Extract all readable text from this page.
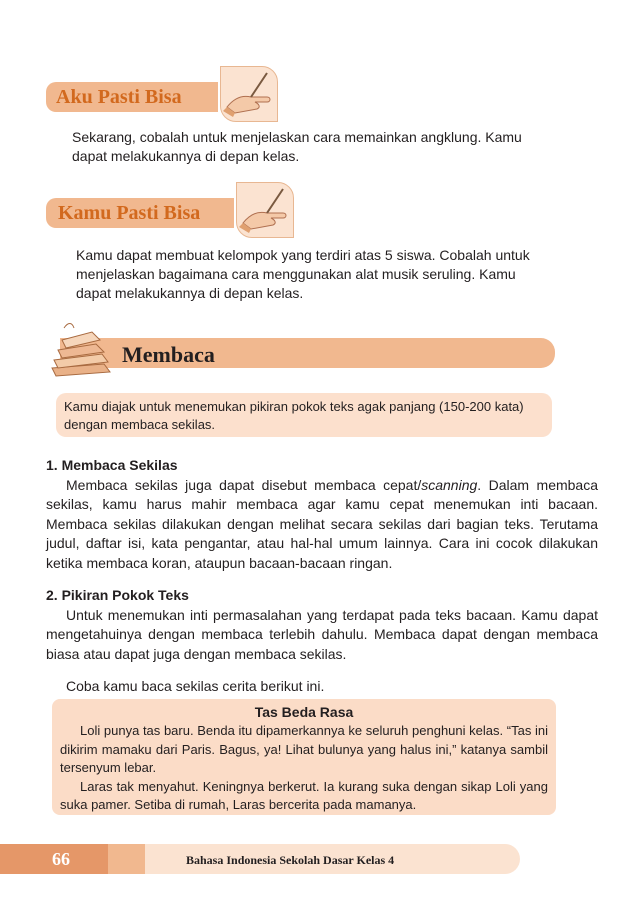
Aku Pasti Bisa
Sekarang, cobalah untuk menjelaskan cara memainkan angklung. Kamu dapat melakukannya di depan kelas.
Kamu Pasti Bisa
Kamu dapat membuat kelompok yang terdiri atas 5 siswa. Cobalah untuk menjelaskan bagaimana cara menggunakan alat musik seruling. Kamu dapat melakukannya di depan kelas.
Membaca
Kamu diajak untuk menemukan pikiran pokok teks agak panjang (150-200 kata) dengan membaca sekilas.
1. Membaca Sekilas
Membaca sekilas juga dapat disebut membaca cepat/scanning. Dalam membaca sekilas, kamu harus mahir membaca agar kamu cepat menemukan inti bacaan. Membaca sekilas dilakukan dengan melihat secara sekilas dari bagian teks. Terutama judul, daftar isi, kata pengantar, atau hal-hal umum lainnya. Cara ini cocok dilakukan ketika membaca koran, ataupun bacaan-bacaan ringan.
2. Pikiran Pokok Teks
Untuk menemukan inti permasalahan yang terdapat pada teks bacaan. Kamu dapat mengetahuinya dengan membaca terlebih dahulu. Membaca dapat dengan membaca biasa atau dapat juga dengan membaca sekilas.
Coba kamu baca sekilas cerita berikut ini.
Tas Beda Rasa
Loli punya tas baru. Benda itu dipamerkannya ke seluruh penghuni kelas. “Tas ini dikirim mamaku dari Paris. Bagus, ya! Lihat bulunya yang halus ini,” katanya sambil tersenyum lebar.
Laras tak menyahut. Keningnya berkerut. Ia kurang suka dengan sikap Loli yang suka pamer. Setiba di rumah, Laras bercerita pada mamanya.
66	Bahasa Indonesia Sekolah Dasar Kelas 4
